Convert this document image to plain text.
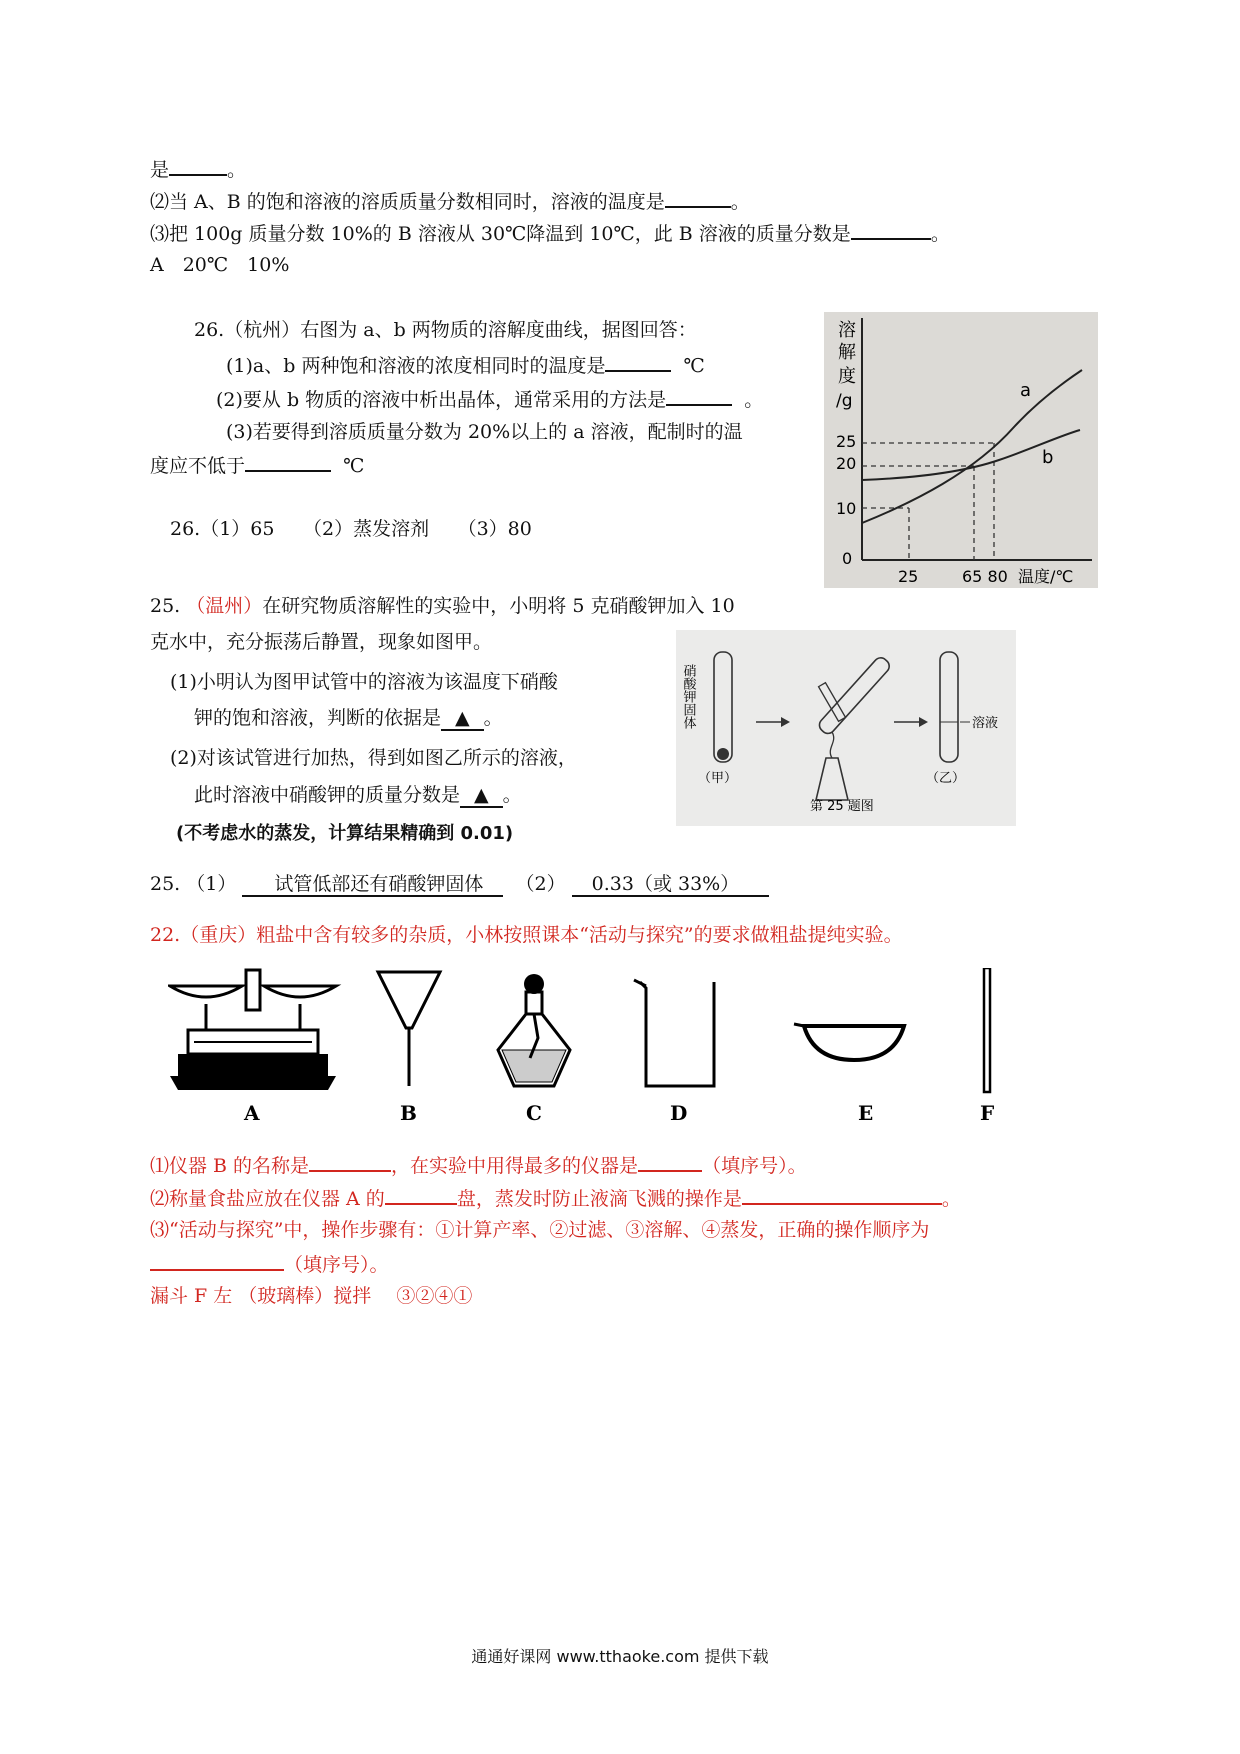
是	。
⑵当 A、B 的饱和溶液的溶质质量分数相同时，溶液的温度是	。
⑶把 100g 质量分数 10%的 B 溶液从 30℃降温到 10℃，此 B 溶液的质量分数是	。
A　20℃　10%
26.（杭州）右图为 a、b 两物质的溶解度曲线，据图回答：
(1)a、b 两种饱和溶液的浓度相同时的温度是	℃
(2)要从 b 物质的溶液中析出晶体，通常采用的方法是	。
(3)若要得到溶质质量分数为 20%以上的 a 溶液，配制时的温
度应不低于	℃
26.（1）65　　（2）蒸发溶剂　　（3）80
溶
解
度
/g
25
20
10
0
a
b
25	65 80 温度/℃
25. （温州）在研究物质溶解性的实验中，小明将 5 克硝酸钾加入 10
克水中，充分振荡后静置，现象如图甲。
(1)小明认为图甲试管中的溶液为该温度下硝酸
钾的饱和溶液，判断的依据是 ▲ 。
(2)对该试管进行加热，得到如图乙所示的溶液，
此时溶液中硝酸钾的质量分数是 ▲ 。
(不考虑水的蒸发，计算结果精确到 0.01)
25. （1） 试管低部还有硝酸钾固体 （2） 0.33（或 33%）
硝酸钾固体	溶液
（甲）	（乙）
第 25 题图
22.（重庆）粗盐中含有较多的杂质，小林按照课本“活动与探究”的要求做粗盐提纯实验。
A	B	C	D	E	F
⑴仪器 B 的名称是	，在实验中用得最多的仪器是	（填序号）。
⑵称量食盐应放在仪器 A 的	盘，蒸发时防止液滴飞溅的操作是	。
⑶“活动与探究”中，操作步骤有：①计算产率、②过滤、③溶解、④蒸发，正确的操作顺序为
（填序号）。
漏斗 F 左 （玻璃棒）搅拌　 ③②④①
通通好课网 www.tthaoke.com 提供下载
